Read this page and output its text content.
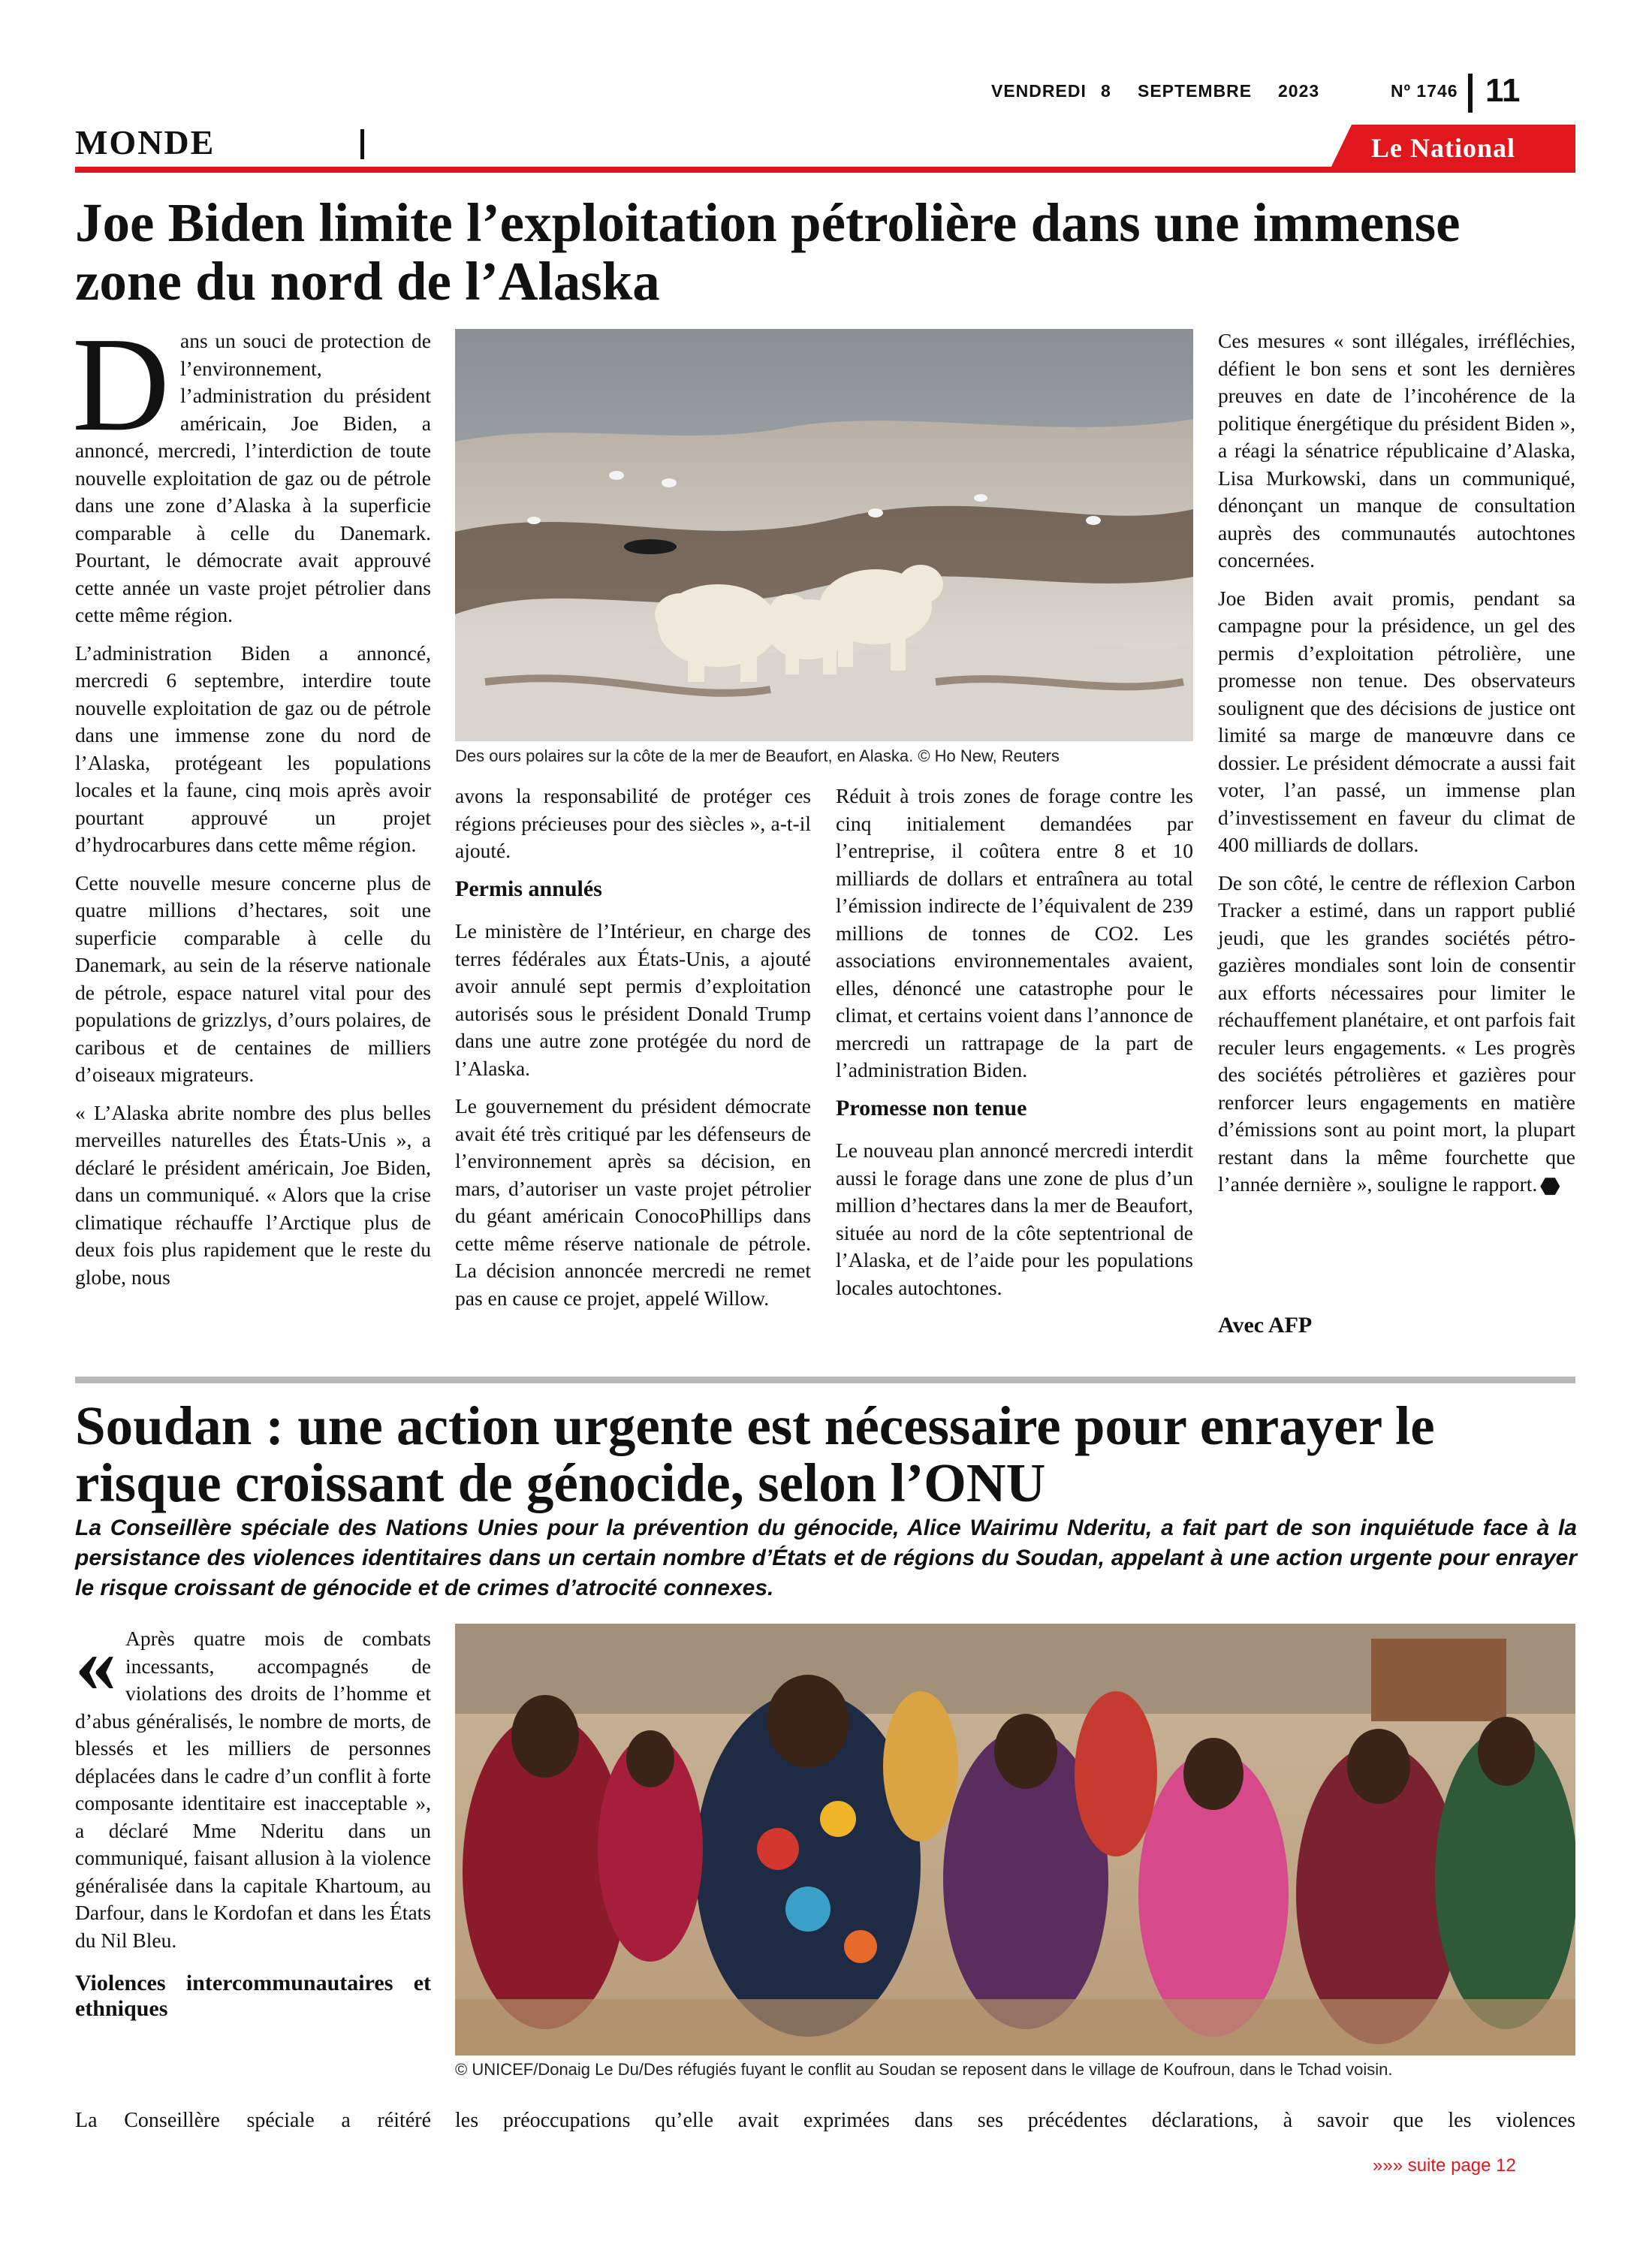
VENDREDI 8 SEPTEMBRE 2023	Nº 1746 11
MONDE	Le National
Joe Biden limite l’exploitation pétrolière dans une immense
zone du nord de l’Alaska

Dans un souci de protection de l’environnement, l’administration du président américain, Joe Biden, a annoncé, mercredi, l’interdiction de toute nouvelle exploitation de gaz ou de pétrole dans une zone d’Alaska à la superficie comparable à celle du Danemark. Pourtant, le démocrate avait approuvé cette année un vaste projet pétrolier dans cette même région.

L’administration Biden a annoncé, mercredi 6 septembre, interdire toute nouvelle exploitation de gaz ou de pétrole dans une immense zone du nord de l’Alaska, protégeant les populations locales et la faune, cinq mois après avoir pourtant approuvé un projet d’hydrocarbures dans cette même région.

Cette nouvelle mesure concerne plus de quatre millions d’hectares, soit une superficie comparable à celle du Danemark, au sein de la réserve nationale de pétrole, espace naturel vital pour des populations de grizzlys, d’ours polaires, de caribous et de centaines de milliers d’oiseaux migrateurs.

« L’Alaska abrite nombre des plus belles merveilles naturelles des États-Unis », a déclaré le président américain, Joe Biden, dans un communiqué. « Alors que la crise climatique réchauffe l’Arctique plus de deux fois plus rapidement que le reste du globe, nous

Des ours polaires sur la côte de la mer de Beaufort, en Alaska. © Ho New, Reuters

avons la responsabilité de protéger ces régions précieuses pour des siècles », a-t-il ajouté.

Permis annulés

Le ministère de l’Intérieur, en charge des terres fédérales aux États-Unis, a ajouté avoir annulé sept permis d’exploitation autorisés sous le président Donald Trump dans une autre zone protégée du nord de l’Alaska.

Le gouvernement du président démocrate avait été très critiqué par les défenseurs de l’environnement après sa décision, en mars, d’autoriser un vaste projet pétrolier du géant américain ConocoPhillips dans cette même réserve nationale de pétrole. La décision annoncée mercredi ne remet pas en cause ce projet, appelé Willow.

Réduit à trois zones de forage contre les cinq initialement demandées par l’entreprise, il coûtera entre 8 et 10 milliards de dollars et entraînera au total l’émission indirecte de l’équivalent de 239 millions de tonnes de CO2. Les associations environnementales avaient, elles, dénoncé une catastrophe pour le climat, et certains voient dans l’annonce de mercredi un rattrapage de la part de l’administration Biden.

Promesse non tenue

Le nouveau plan annoncé mercredi interdit aussi le forage dans une zone de plus d’un million d’hectares dans la mer de Beaufort, située au nord de la côte septentrional de l’Alaska, et de l’aide pour les populations locales autochtones.

Ces mesures « sont illégales, irréfléchies, défient le bon sens et sont les dernières preuves en date de l’incohérence de la politique énergétique du président Biden », a réagi la sénatrice républicaine d’Alaska, Lisa Murkowski, dans un communiqué, dénonçant un manque de consultation auprès des communautés autochtones concernées.

Joe Biden avait promis, pendant sa campagne pour la présidence, un gel des permis d’exploitation pétrolière, une promesse non tenue. Des observateurs soulignent que des décisions de justice ont limité sa marge de manœuvre dans ce dossier. Le président démocrate a aussi fait voter, l’an passé, un immense plan d’investissement en faveur du climat de 400 milliards de dollars.

De son côté, le centre de réflexion Carbon Tracker a estimé, dans un rapport publié jeudi, que les grandes sociétés pétro-gazières mondiales sont loin de consentir aux efforts nécessaires pour limiter le réchauffement planétaire, et ont parfois fait reculer leurs engagements. « Les progrès des sociétés pétrolières et gazières pour renforcer leurs engagements en matière d’émissions sont au point mort, la plupart restant dans la même fourchette que l’année dernière », souligne le rapport.

Avec AFP
Soudan : une action urgente est nécessaire pour enrayer le
risque croissant de génocide, selon l’ONU
La Conseillère spéciale des Nations Unies pour la prévention du génocide, Alice Wairimu Nderitu, a fait part de son inquiétude face à la persistance des violences identitaires dans un certain nombre d’États et de régions du Soudan, appelant à une action urgente pour enrayer le risque croissant de génocide et de crimes d’atrocité connexes.

« Après quatre mois de combats incessants, accompagnés de violations des droits de l’homme et d’abus généralisés, le nombre de morts, de blessés et les milliers de personnes déplacées dans le cadre d’un conflit à forte composante identitaire est inacceptable », a déclaré Mme Nderitu dans un communiqué, faisant allusion à la violence généralisée dans la capitale Khartoum, au Darfour, dans le Kordofan et dans les États du Nil Bleu.

Violences intercommunautaires et ethniques
© UNICEF/Donaig Le Du/Des réfugiés fuyant le conflit au Soudan se reposent dans le village de Koufroun, dans le Tchad voisin.
La Conseillère spéciale a réitéré les préoccupations qu’elle avait exprimées dans ses précédentes déclarations, à savoir que les violences
»»» suite page 12
